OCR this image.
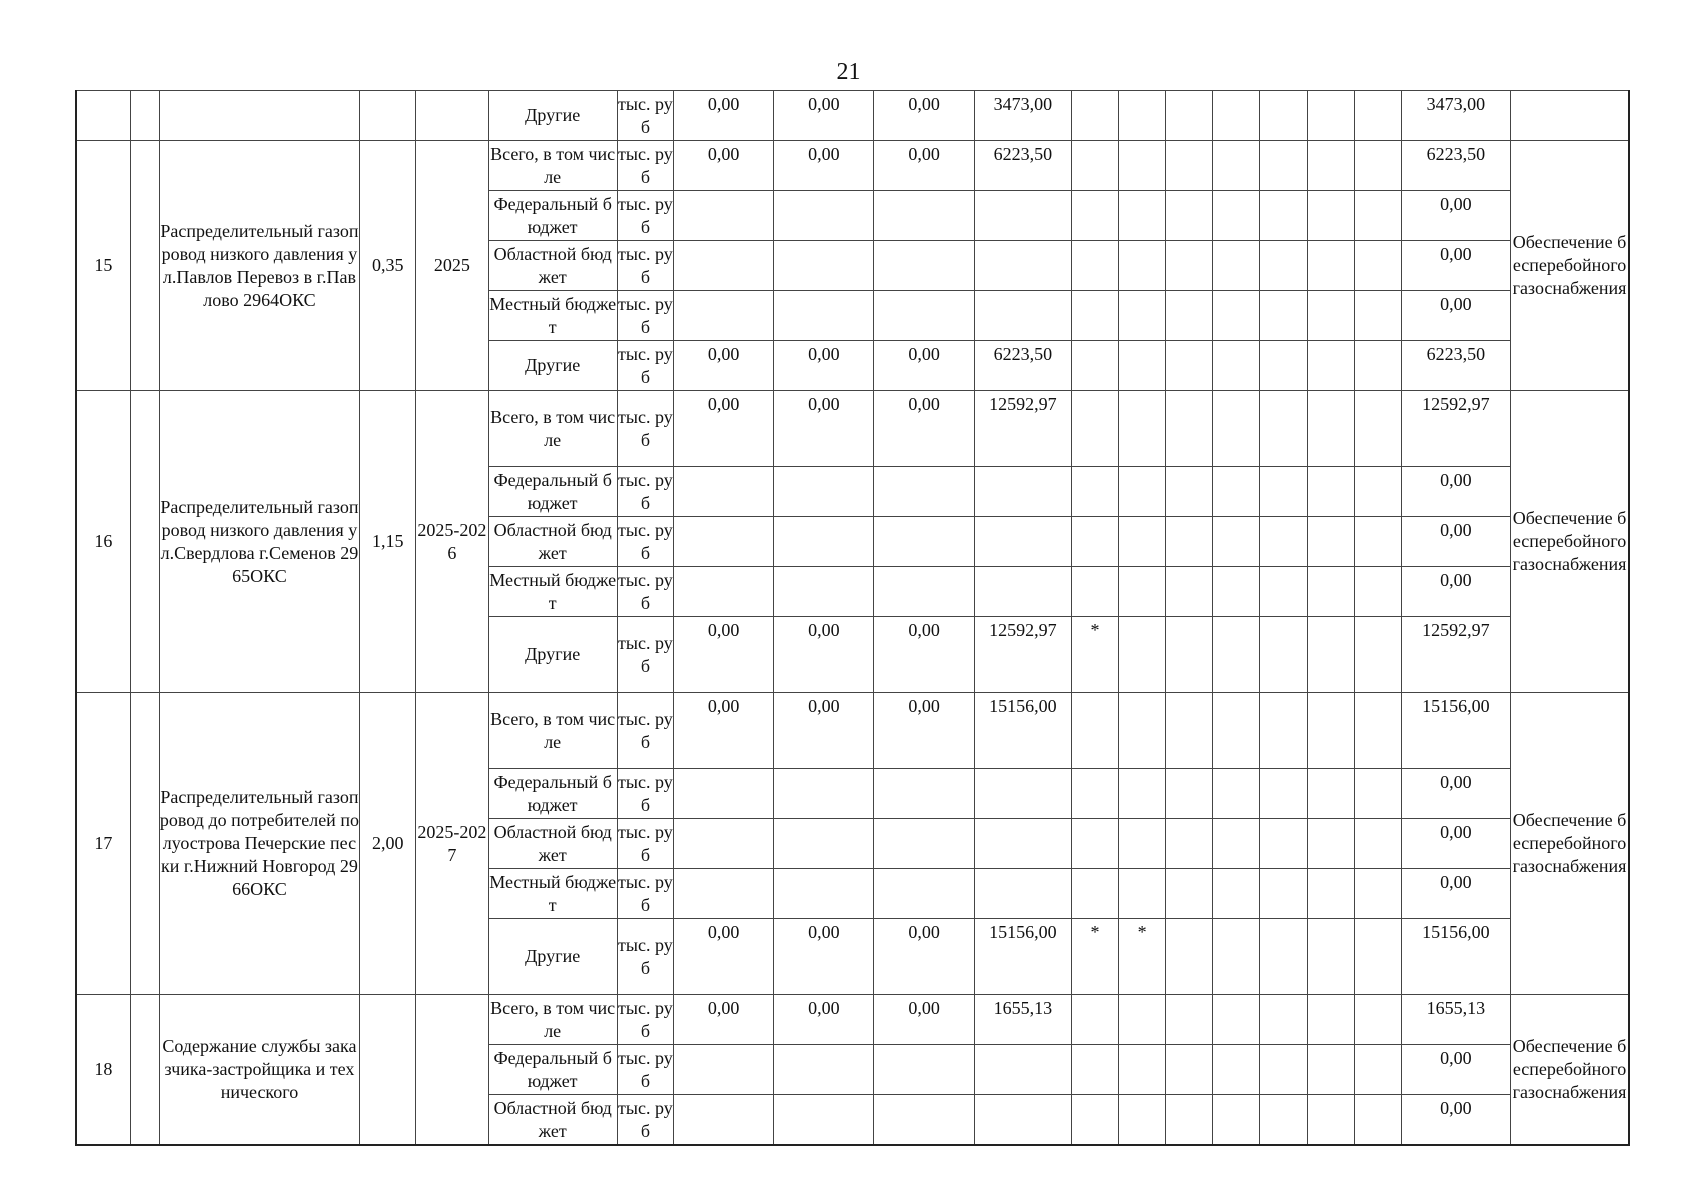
21
					Другие	тыс. руб	0,00	0,00	0,00	3473,00								3473,00	
15		Распределительный газопровод низкого давления ул.Павлов Перевоз в г.Павлово 2964ОКС	0,35	2025	Всего, в том числе	тыс. руб	0,00	0,00	0,00	6223,50								6223,50	Обеспечение бесперебойного газоснабжения
					Федеральный бюджет	тыс. руб												0,00	
					Областной бюджет	тыс. руб												0,00	
					Местный бюджет	тыс. руб												0,00	
					Другие	тыс. руб	0,00	0,00	0,00	6223,50								6223,50	
16		Распределительный газопровод низкого давления ул.Свердлова г.Семенов 2965ОКС	1,15	2025-2026	Всего, в том числе	тыс. руб	0,00	0,00	0,00	12592,97								12592,97	Обеспечение бесперебойного газоснабжения
					Федеральный бюджет	тыс. руб												0,00	
					Областной бюджет	тыс. руб												0,00	
					Местный бюджет	тыс. руб												0,00	
					Другие	тыс. руб	0,00	0,00	0,00	12592,97	*							12592,97	
17		Распределительный газопровод до потребителей полуострова Печерские пески г.Нижний Новгород 2966ОКС	2,00	2025-2027	Всего, в том числе	тыс. руб	0,00	0,00	0,00	15156,00								15156,00	Обеспечение бесперебойного газоснабжения
					Федеральный бюджет	тыс. руб												0,00	
					Областной бюджет	тыс. руб												0,00	
					Местный бюджет	тыс. руб												0,00	
					Другие	тыс. руб	0,00	0,00	0,00	15156,00	*	*						15156,00	
18		Содержание службы заказчика-застройщика и технического			Всего, в том числе	тыс. руб	0,00	0,00	0,00	1655,13								1655,13	Обеспечение бесперебойного газоснабжения
					Федеральный бюджет	тыс. руб												0,00	
					Областной бюджет	тыс. руб												0,00	
